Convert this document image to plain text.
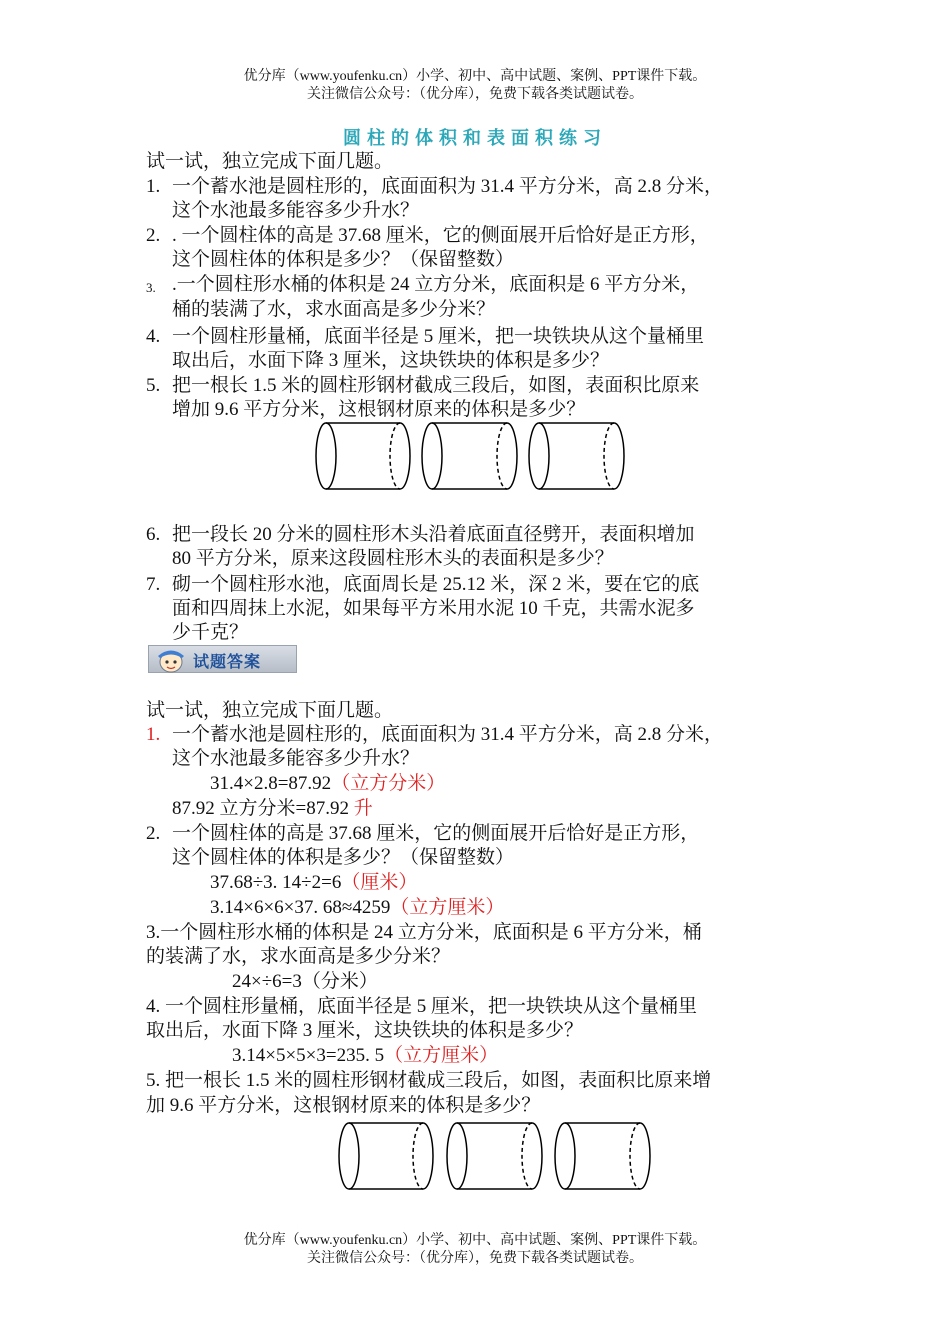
优分库（www.youfenku.cn）小学、初中、高中试题、案例、PPT课件下载。
关注微信公众号：（优分库），免费下载各类试题试卷。
圆柱的体积和表面积练习
试一试，独立完成下面几题。
1. 一个蓄水池是圆柱形的，底面面积为 31.4 平方分米，高 2.8 分米，
这个水池最多能容多少升水？
2. . 一个圆柱体的高是 37.68 厘米，它的侧面展开后恰好是正方形，
这个圆柱体的体积是多少？（保留整数）
3. .一个圆柱形水桶的体积是 24 立方分米，底面积是 6 平方分米，
桶的装满了水，求水面高是多少分米？
4. 一个圆柱形量桶，底面半径是 5 厘米，把一块铁块从这个量桶里
取出后，水面下降 3 厘米，这块铁块的体积是多少？
5. 把一根长 1.5 米的圆柱形钢材截成三段后，如图，表面积比原来
增加 9.6 平方分米，这根钢材原来的体积是多少？
6. 把一段长 20 分米的圆柱形木头沿着底面直径劈开，表面积增加
80 平方分米，原来这段圆柱形木头的表面积是多少？
7. 砌一个圆柱形水池，底面周长是 25.12 米，深 2 米，要在它的底
面和四周抹上水泥，如果每平方米用水泥 10 千克，共需水泥多
少千克？
试题答案
试一试，独立完成下面几题。
1. 一个蓄水池是圆柱形的，底面面积为 31.4 平方分米，高 2.8 分米，
这个水池最多能容多少升水？
31.4×2.8=87.92（立方分米）
87.92 立方分米=87.92 升
2. 一个圆柱体的高是 37.68 厘米，它的侧面展开后恰好是正方形，
这个圆柱体的体积是多少？（保留整数）
37.68÷3. 14÷2=6（厘米）
3.14×6×6×37. 68≈4259（立方厘米）
3.一个圆柱形水桶的体积是 24 立方分米，底面积是 6 平方分米，桶
的装满了水，求水面高是多少分米？
24×÷6=3（分米）
4. 一个圆柱形量桶，底面半径是 5 厘米，把一块铁块从这个量桶里
取出后，水面下降 3 厘米，这块铁块的体积是多少？
3.14×5×5×3=235. 5（立方厘米）
5. 把一根长 1.5 米的圆柱形钢材截成三段后，如图，表面积比原来增
加 9.6 平方分米，这根钢材原来的体积是多少？
优分库（www.youfenku.cn）小学、初中、高中试题、案例、PPT课件下载。
关注微信公众号：（优分库），免费下载各类试题试卷。
